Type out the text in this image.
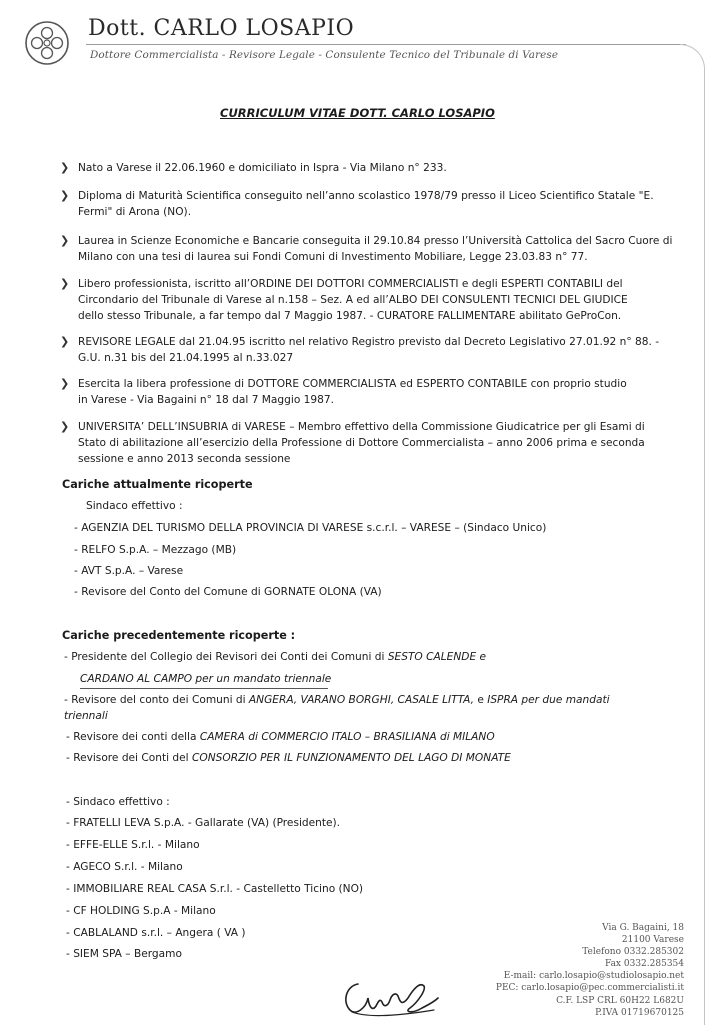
Dott. CARLO LOSAPIO
Dottore Commercialista - Revisore Legale - Consulente Tecnico del Tribunale di Varese
CURRICULUM VITAE DOTT. CARLO LOSAPIO
❯ Nato a Varese il 22.06.1960 e domiciliato in Ispra - Via Milano n° 233.
❯ Diploma di Maturità Scientifica conseguito nell’anno scolastico 1978/79 presso il Liceo Scientifico Statale "E.
Fermi" di Arona (NO).
❯ Laurea in Scienze Economiche e Bancarie conseguita il 29.10.84 presso l’Università Cattolica del Sacro Cuore di
Milano con una tesi di laurea sui Fondi Comuni di Investimento Mobiliare, Legge 23.03.83 n° 77.
❯ Libero professionista, iscritto all’ORDINE DEI DOTTORI COMMERCIALISTI e degli ESPERTI CONTABILI del
Circondario del Tribunale di Varese al n.158 – Sez. A ed all’ALBO DEI CONSULENTI TECNICI DEL GIUDICE
dello stesso Tribunale, a far tempo dal 7 Maggio 1987. - CURATORE FALLIMENTARE abilitato GeProCon.
❯ REVISORE LEGALE dal 21.04.95 iscritto nel relativo Registro previsto dal Decreto Legislativo 27.01.92 n° 88. -
G.U. n.31 bis del 21.04.1995 al n.33.027
❯ Esercita la libera professione di DOTTORE COMMERCIALISTA ed ESPERTO CONTABILE con proprio studio
in Varese - Via Bagaini n° 18 dal 7 Maggio 1987.
❯ UNIVERSITA’ DELL’INSUBRIA di VARESE – Membro effettivo della Commissione Giudicatrice per gli Esami di
Stato di abilitazione all’esercizio della Professione di Dottore Commercialista – anno 2006 prima e seconda
sessione e anno 2013 seconda sessione
Cariche attualmente ricoperte
Sindaco effettivo :
- AGENZIA DEL TURISMO DELLA PROVINCIA DI VARESE s.c.r.l. – VARESE – (Sindaco Unico)
- RELFO S.p.A. – Mezzago (MB)
- AVT S.p.A. – Varese
- Revisore del Conto del Comune di GORNATE OLONA (VA)
Cariche precedentemente ricoperte :
- Presidente del Collegio dei Revisori dei Conti dei Comuni di SESTO CALENDE e
CARDANO AL CAMPO per un mandato triennale
- Revisore del conto dei Comuni di ANGERA, VARANO BORGHI, CASALE LITTA, e ISPRA per due mandati
triennali
- Revisore dei conti della CAMERA di COMMERCIO ITALO – BRASILIANA di MILANO
- Revisore dei Conti del CONSORZIO PER IL FUNZIONAMENTO DEL LAGO DI MONATE
- Sindaco effettivo :
- FRATELLI LEVA S.p.A. - Gallarate (VA) (Presidente).
- EFFE-ELLE S.r.l. - Milano
- AGECO S.r.l. - Milano
- IMMOBILIARE REAL CASA S.r.l. - Castelletto Ticino (NO)
- CF HOLDING S.p.A - Milano
- CABLALAND s.r.l. – Angera ( VA )
- SIEM SPA – Bergamo
Via G. Bagaini, 18
21100 Varese
Telefono 0332.285302
Fax 0332.285354
E-mail: carlo.losapio@studiolosapio.net
PEC: carlo.losapio@pec.commercialisti.it
C.F. LSP CRL 60H22 L682U
P.IVA 01719670125
